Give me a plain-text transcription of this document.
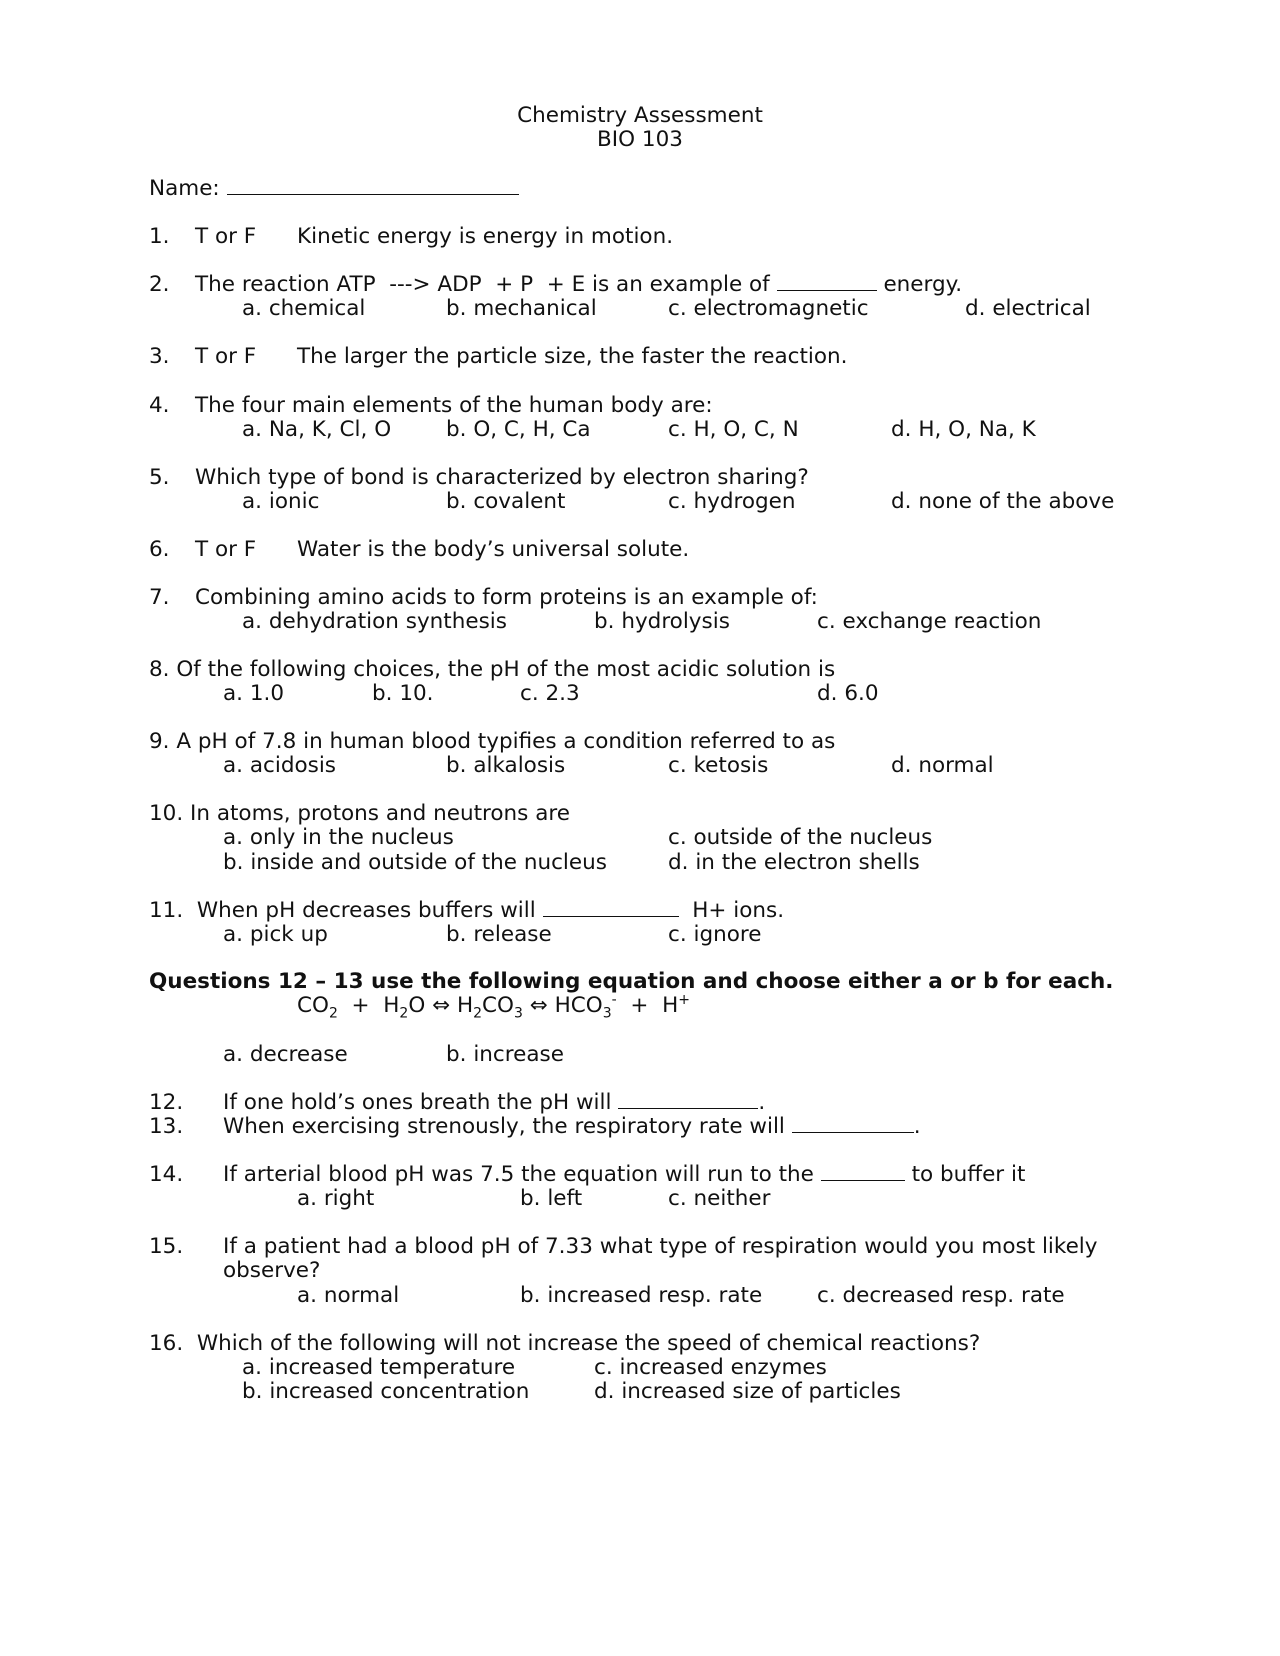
Chemistry Assessment
BIO 103
Name:
1. T or F Kinetic energy is energy in motion.
2. The reaction ATP  ---> ADP  + P  + E is an example of	energy.
a. chemical	b. mechanical	c. electromagnetic	d. electrical
3. T or F The larger the particle size, the faster the reaction.
4. The four main elements of the human body are:
a. Na, K, Cl, O	b. O, C, H, Ca	c. H, O, C, N	d. H, O, Na, K
5. Which type of bond is characterized by electron sharing?
a. ionic	b. covalent	c. hydrogen	d. none of the above
6. T or F Water is the body’s universal solute.
7. Combining amino acids to form proteins is an example of:
a. dehydration synthesis	b. hydrolysis	c. exchange reaction
8. Of the following choices, the pH of the most acidic solution is
a. 1.0	b. 10.	c. 2.3	d. 6.0
9. A pH of 7.8 in human blood typifies a condition referred to as
a. acidosis	b. alkalosis	c. ketosis	d. normal
10. In atoms, protons and neutrons are
a. only in the nucleus	c. outside of the nucleus
b. inside and outside of the nucleus	d. in the electron shells
11.  When pH decreases buffers will	H+ ions.
a. pick up	b. release	c. ignore
Questions 12 – 13 use the following equation and choose either a or b for each.
$CO_2 + H_2O$ ⇔ $H_2CO_3$ ⇔ $HCO_3^- + H^+$
a. decrease	b. increase
12. If one hold’s ones breath the pH will	.
13. When exercising strenously, the respiratory rate will	.
14. If arterial blood pH was 7.5 the equation will run to the	to buffer it
a. right	b. left	c. neither
15. If a patient had a blood pH of 7.33 what type of respiration would you most likely
observe?
a. normal	b. increased resp. rate	c. decreased resp. rate
16.  Which of the following will not increase the speed of chemical reactions?
a. increased temperature	c. increased enzymes
b. increased concentration	d. increased size of particles
